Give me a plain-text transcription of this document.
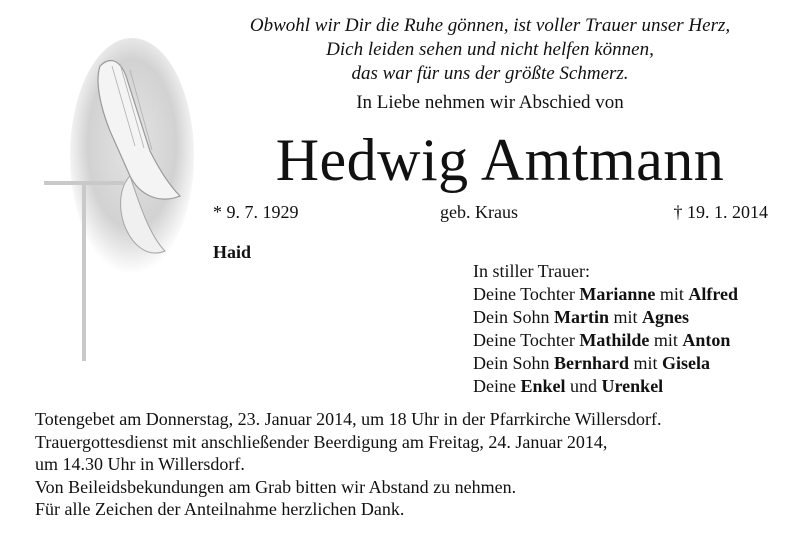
Obwohl wir Dir die Ruhe gönnen, ist voller Trauer unser Herz,
Dich leiden sehen und nicht helfen können,
das war für uns der größte Schmerz.
In Liebe nehmen wir Abschied von
Hedwig Amtmann
* 9. 7. 1929	geb. Kraus	† 19. 1. 2014
Haid
In stiller Trauer:
Deine Tochter Marianne mit Alfred
Dein Sohn Martin mit Agnes
Deine Tochter Mathilde mit Anton
Dein Sohn Bernhard mit Gisela
Deine Enkel und Urenkel
Totengebet am Donnerstag, 23. Januar 2014, um 18 Uhr in der Pfarrkirche Willersdorf.
Trauergottesdienst mit anschließender Beerdigung am Freitag, 24. Januar 2014,
um 14.30 Uhr in Willersdorf.
Von Beileidsbekundungen am Grab bitten wir Abstand zu nehmen.
Für alle Zeichen der Anteilnahme herzlichen Dank.
